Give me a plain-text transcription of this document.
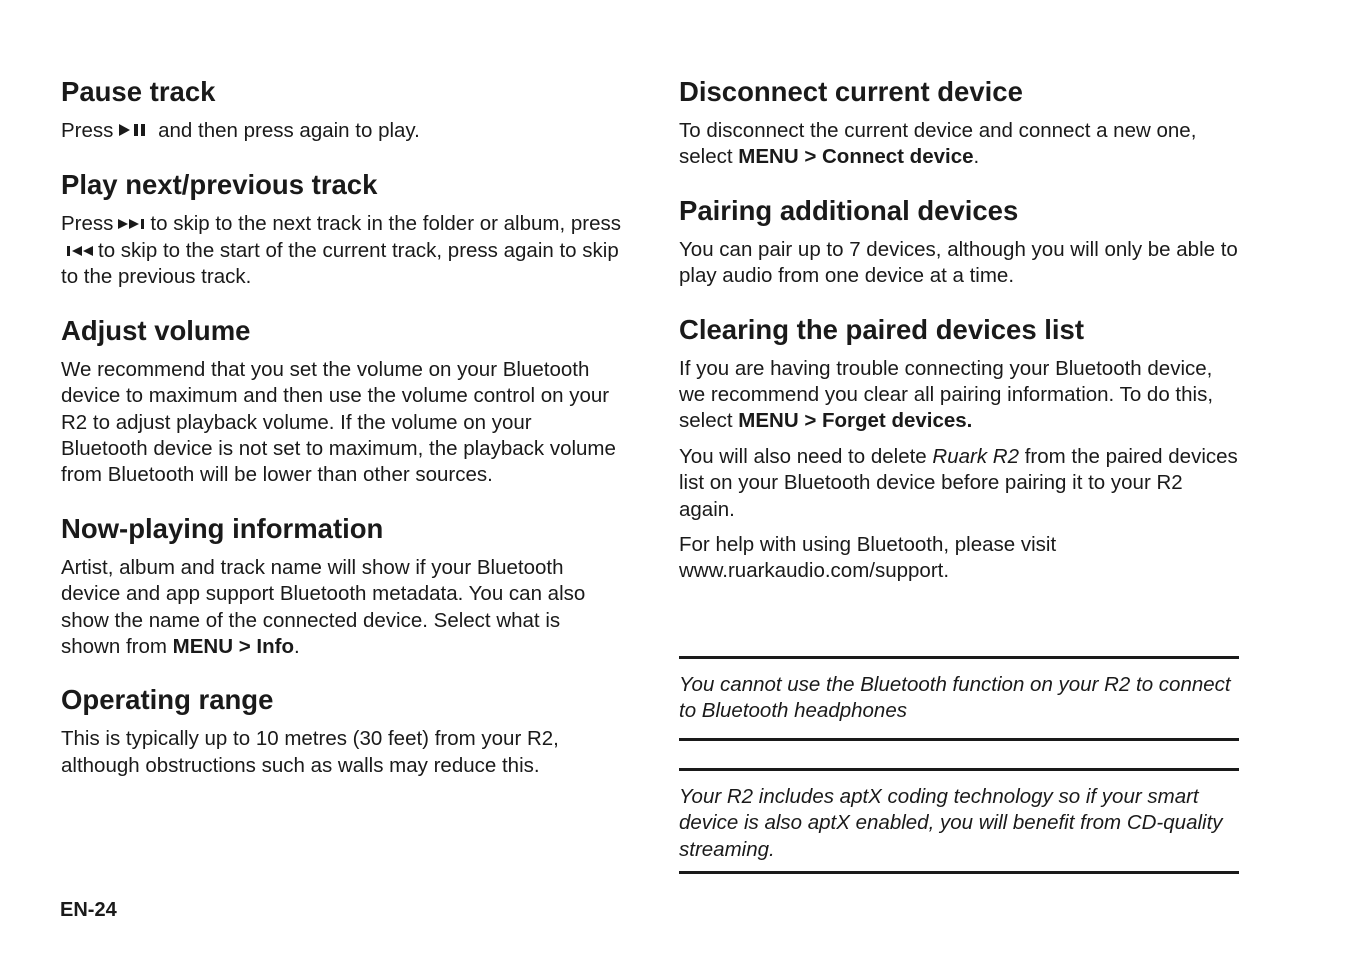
Pause track

Press and then press again to play.

Play next/previous track

Press to skip to the next track in the folder or album, pressto skip to the start of the current track, press again to skip to the previous track.

Adjust volume

We recommend that you set the volume on your Bluetooth device to maximum and then use the volume control on your R2 to adjust playback volume. If the volume on your Bluetooth device is not set to maximum, the playback volume from Bluetooth will be lower than other sources.

Now-playing information

Artist, album and track name will show if your Bluetooth device and app support Bluetooth metadata. You can also show the name of the connected device. Select what is shown from MENU > Info.

Operating range

This is typically up to 10 metres (30 feet) from your R2, although obstructions such as walls may reduce this.

Disconnect current device

To disconnect the current device and connect a new one, select MENU > Connect device.

Pairing additional devices

You can pair up to 7 devices, although you will only be able to play audio from one device at a time.

Clearing the paired devices list

If you are having trouble connecting your Bluetooth device, we recommend you clear all pairing information. To do this, select MENU > Forget devices.

You will also need to delete Ruark R2 from the paired devices list on your Bluetooth device before pairing it to your R2 again.

For help with using Bluetooth, please visit www.ruarkaudio.com/support.

You cannot use the Bluetooth function on your R2 to connect to Bluetooth headphones

Your R2 includes aptX coding technology so if your smart device is also aptX enabled, you will benefit from CD-quality streaming.

EN-24
